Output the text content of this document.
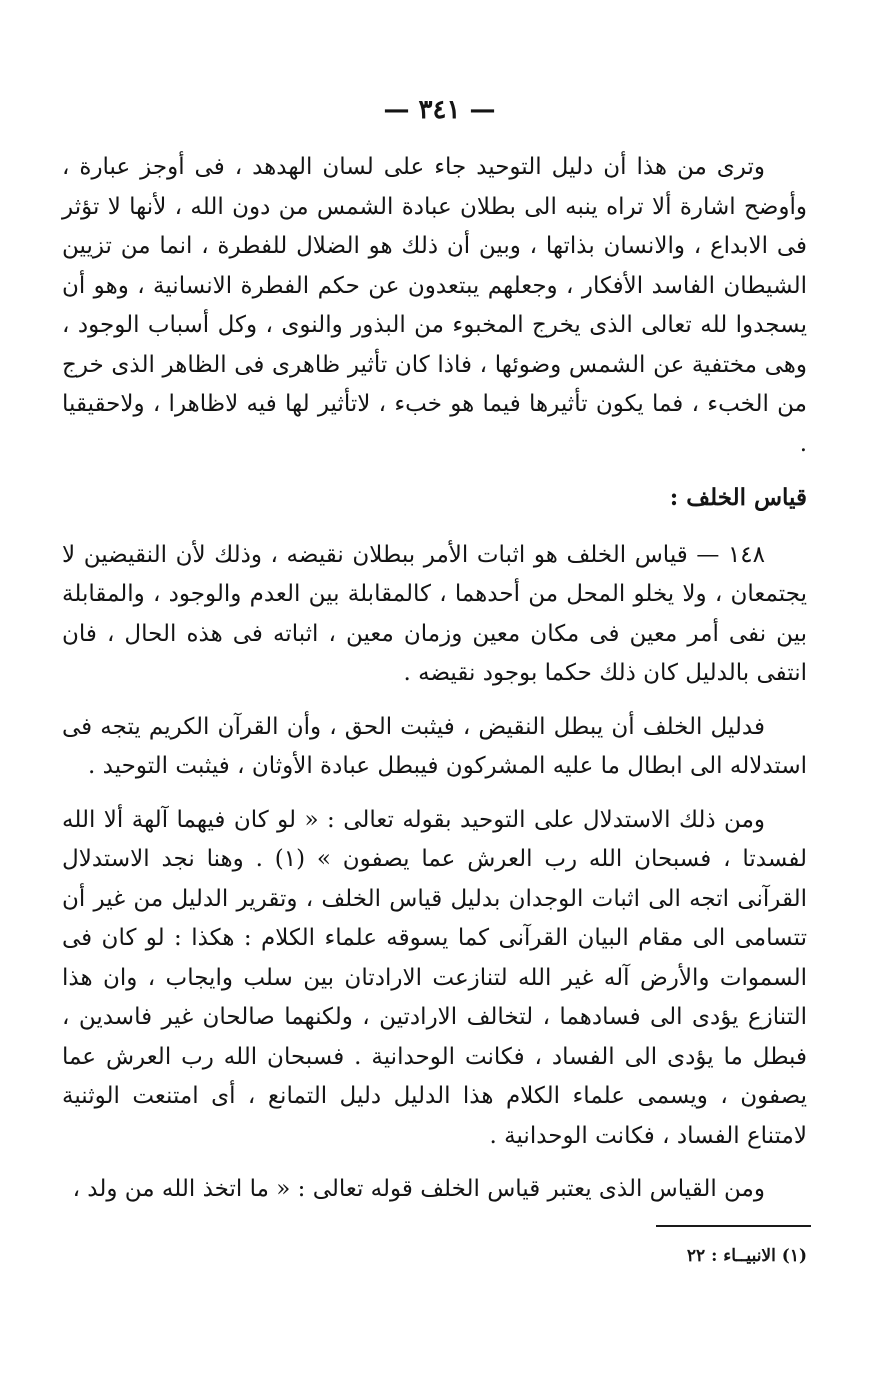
— ٣٤١ —

وترى من هذا أن دليل التوحيد جاء على لسان الهدهد ، فى أوجز عبارة ، وأوضح اشارة ألا تراه ينبه الى بطلان عبادة الشمس من دون الله ، لأنها لا تؤثر فى الابداع ، والانسان بذاتها ، وبين أن ذلك هو الضلال للفطرة ، انما من تزيين الشيطان الفاسد الأفكار ، وجعلهم يبتعدون عن حكم الفطرة الانسانية ، وهو أن يسجدوا لله تعالى الذى يخرج المخبوء من البذور والنوى ، وكل أسباب الوجود ، وهى مختفية عن الشمس وضوئها ، فاذا كان تأثير ظاهرى فى الظاهر الذى خرج من الخبء ، فما يكون تأثيرها فيما هو خبء ، لاتأثير لها فيه لاظاهرا ، ولاحقيقيا .

قياس الخلف :

١٤٨ — قياس الخلف هو اثبات الأمر ببطلان نقيضه ، وذلك لأن النقيضين لا يجتمعان ، ولا يخلو المحل من أحدهما ، كالمقابلة بين العدم والوجود ، والمقابلة بين نفى أمر معين فى مكان معين وزمان معين ، اثباته فى هذه الحال ، فان انتفى بالدليل كان ذلك حكما بوجود نقيضه .

فدليل الخلف أن يبطل النقيض ، فيثبت الحق ، وأن القرآن الكريم يتجه فى استدلاله الى ابطال ما عليه المشركون فيبطل عبادة الأوثان ، فيثبت التوحيد .

ومن ذلك الاستدلال على التوحيد بقوله تعالى : « لو كان فيهما آلهة ألا الله لفسدتا ، فسبحان الله رب العرش عما يصفون » (١) . وهنا نجد الاستدلال القرآنى اتجه الى اثبات الوجدان بدليل قياس الخلف ، وتقرير الدليل من غير أن تتسامى الى مقام البيان القرآنى كما يسوقه علماء الكلام : هكذا : لو كان فى السموات والأرض آله غير الله لتنازعت الارادتان بين سلب وايجاب ، وان هذا التنازع يؤدى الى فسادهما ، لتخالف الارادتين ، ولكنهما صالحان غير فاسدين ، فبطل ما يؤدى الى الفساد ، فكانت الوحدانية . فسبحان الله رب العرش عما يصفون ، ويسمى علماء الكلام هذا الدليل دليل التمانع ، أى امتنعت الوثنية لامتناع الفساد ، فكانت الوحدانية .

ومن القياس الذى يعتبر قياس الخلف قوله تعالى : « ما اتخذ الله من ولد ،

(١) الانبيــاء : ٢٢
